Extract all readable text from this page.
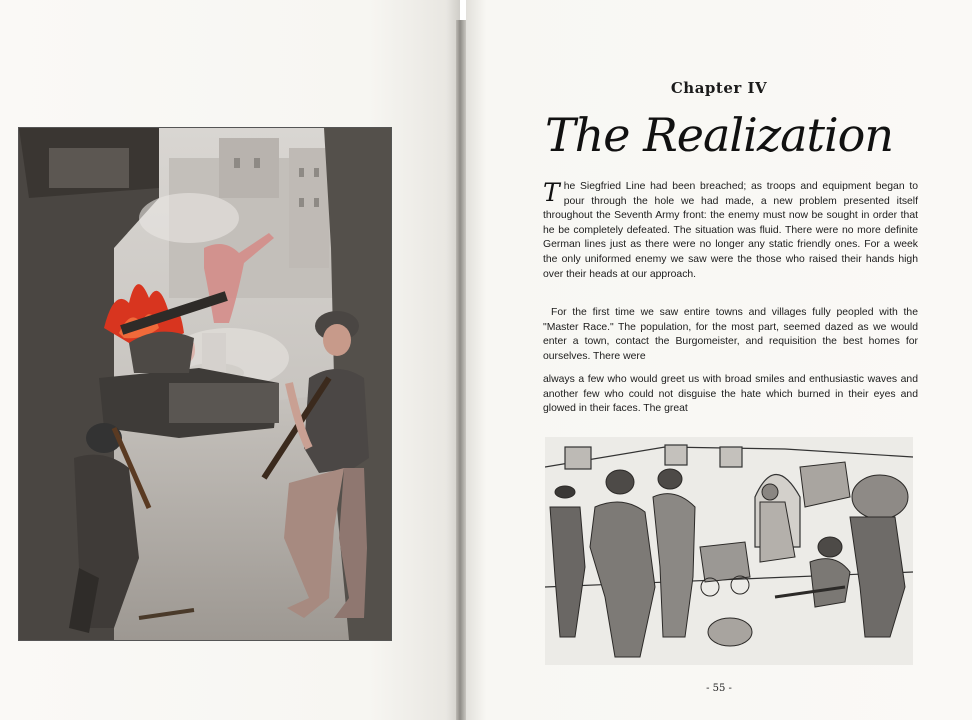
Chapter IV
The Realization
The Siegfried Line had been breached; as troops and equipment began to pour through the hole we had made, a new problem presented itself throughout the Seventh Army front: the enemy must now be sought in order that he be completely defeated. The situation was fluid. There were no more definite German lines just as there were no longer any static friendly ones. For a week the only uniformed enemy we saw were the those who raised their hands high over their heads at our approach.
For the first time we saw entire towns and villages fully peopled with the "Master Race." The population, for the most part, seemed dazed as we would enter a town, contact the Burgomeister, and requisition the best homes for ourselves. There were
always a few who would greet us with broad smiles and enthusiastic waves and another few who could not disguise the hate which burned in their eyes and glowed in their faces. The great
- 55 -
